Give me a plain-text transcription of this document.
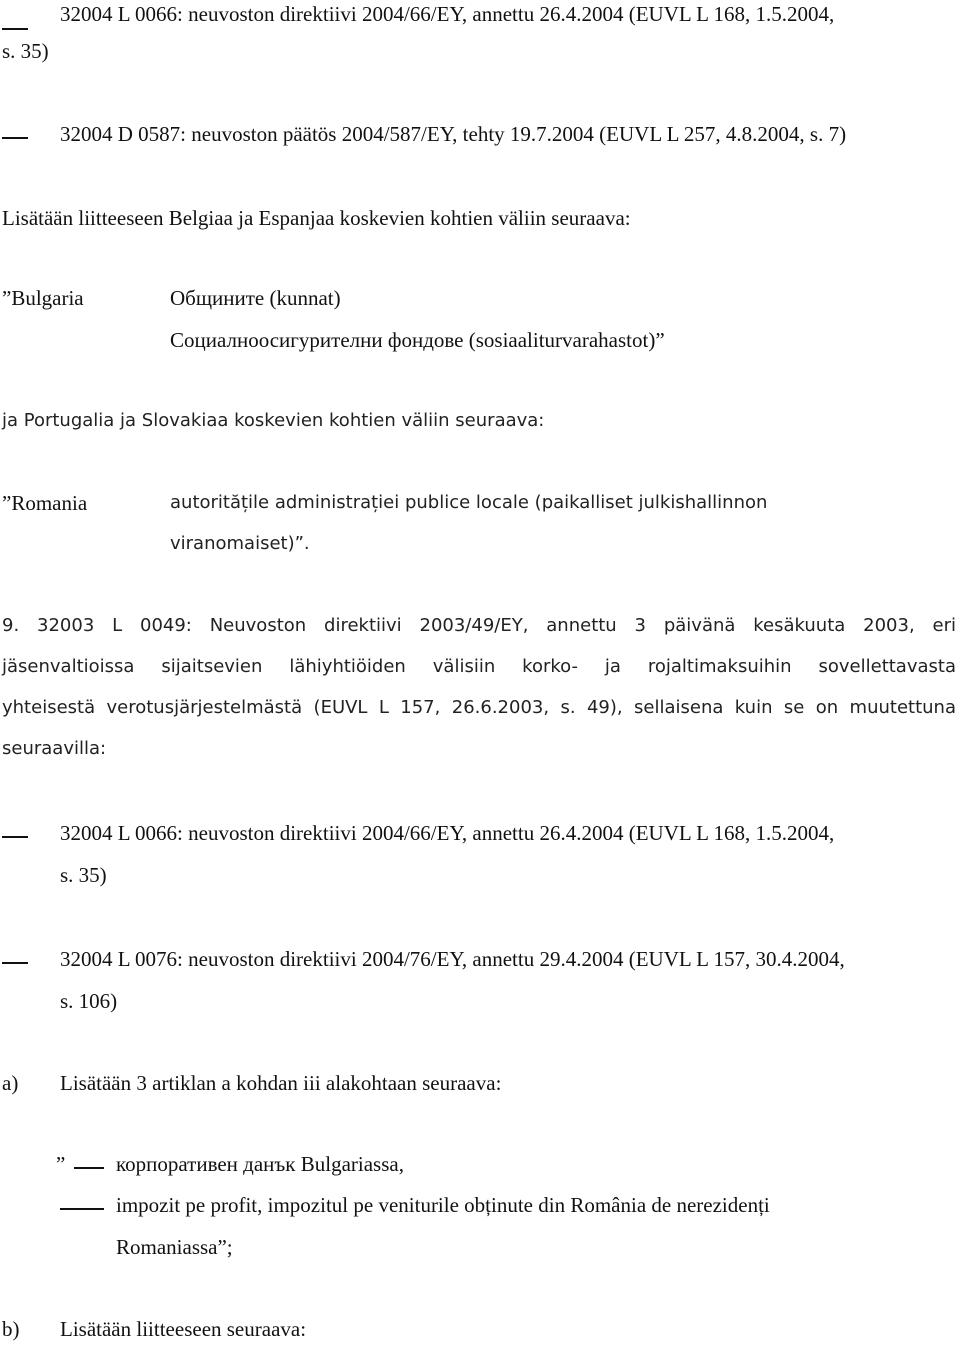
32004 L 0066: neuvoston direktiivi 2004/66/EY, annettu 26.4.2004 (EUVL L 168, 1.5.2004,

s. 35)

32004 D 0587: neuvoston päätös 2004/587/EY, tehty 19.7.2004 (EUVL L 257, 4.8.2004, s. 7)

Lisätään liitteeseen Belgiaa ja Espanjaa koskevien kohtien väliin seuraava:

”Bulgaria	Общините (kunnat)

Социалноосигурителни фондове (sosiaaliturvarahastot)”

ja Portugalia ja Slovakiaa koskevien kohtien väliin seuraava:

”Romania	autoritățile administrației publice locale (paikalliset julkishallinnon

viranomaiset)”.

9. 32003 L 0049: Neuvoston direktiivi 2003/49/EY, annettu 3 päivänä kesäkuuta 2003, eri
jäsenvaltioissa sijaitsevien lähiyhtiöiden välisiin korko- ja rojaltimaksuihin sovellettavasta
yhteisestä verotusjärjestelmästä (EUVL L 157, 26.6.2003, s. 49), sellaisena kuin se on muutettuna

seuraavilla:

32004 L 0066: neuvoston direktiivi 2004/66/EY, annettu 26.4.2004 (EUVL L 168, 1.5.2004,

s. 35)

32004 L 0076: neuvoston direktiivi 2004/76/EY, annettu 29.4.2004 (EUVL L 157, 30.4.2004,

s. 106)

a) Lisätään 3 artiklan a kohdan iii alakohtaan seuraava:

” корпоративен данък Bulgariassa,

impozit pe profit, impozitul pe veniturile obținute din România de nerezidenți

Romaniassa”;

b) Lisätään liitteeseen seuraava:
